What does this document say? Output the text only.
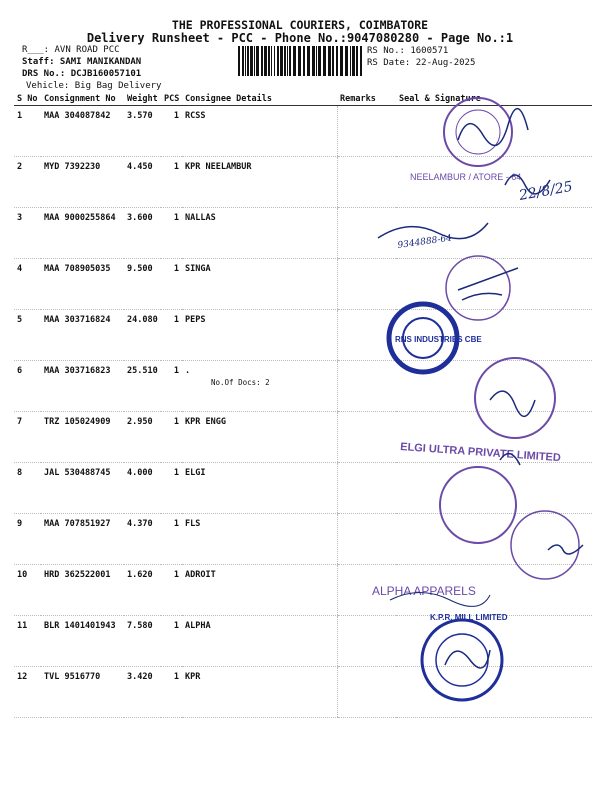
THE PROFESSIONAL COURIERS, COIMBATORE
Delivery Runsheet - PCC - Phone No.:9047080280 - Page No.:1
R___: AVN ROAD PCC
Staff: SAMI MANIKANDAN
DRS No.: DCJB160057101
Vehicle: Big Bag Delivery
RS No.: 1600571
RS Date: 22-Aug-2025
S No	Consignment No	Weight	PCS	Consignee Details	Remarks	Seal & Signature
1	MAA 304087842	3.570	1	RCSS		
2	MYD 7392230	4.450	1	KPR NEELAMBUR		
3	MAA 9000255864	3.600	1	NALLAS		
4	MAA 708905035	9.500	1	SINGA		
5	MAA 303716824	24.080	1	PEPS		
6	MAA 303716823	25.510	1	.
No.Of Docs: 2		

7	TRZ 105024909	2.950	1	KPR ENGG		
8	JAL 530488745	4.000	1	ELGI		
9	MAA 707851927	4.370	1	FLS		
10	HRD 362522001	1.620	1	ADROIT		
11	BLR 1401401943	7.580	1	ALPHA		
12	TVL 9516770	3.420	1	KPR		
NEELAMBUR / ATORE - 64
22/8/25
9344888-64
RNS INDUSTRIES CBE
ELGI ULTRA PRIVATE LIMITED
ALPHA APPARELS
K.P.R. MILL LIMITED
